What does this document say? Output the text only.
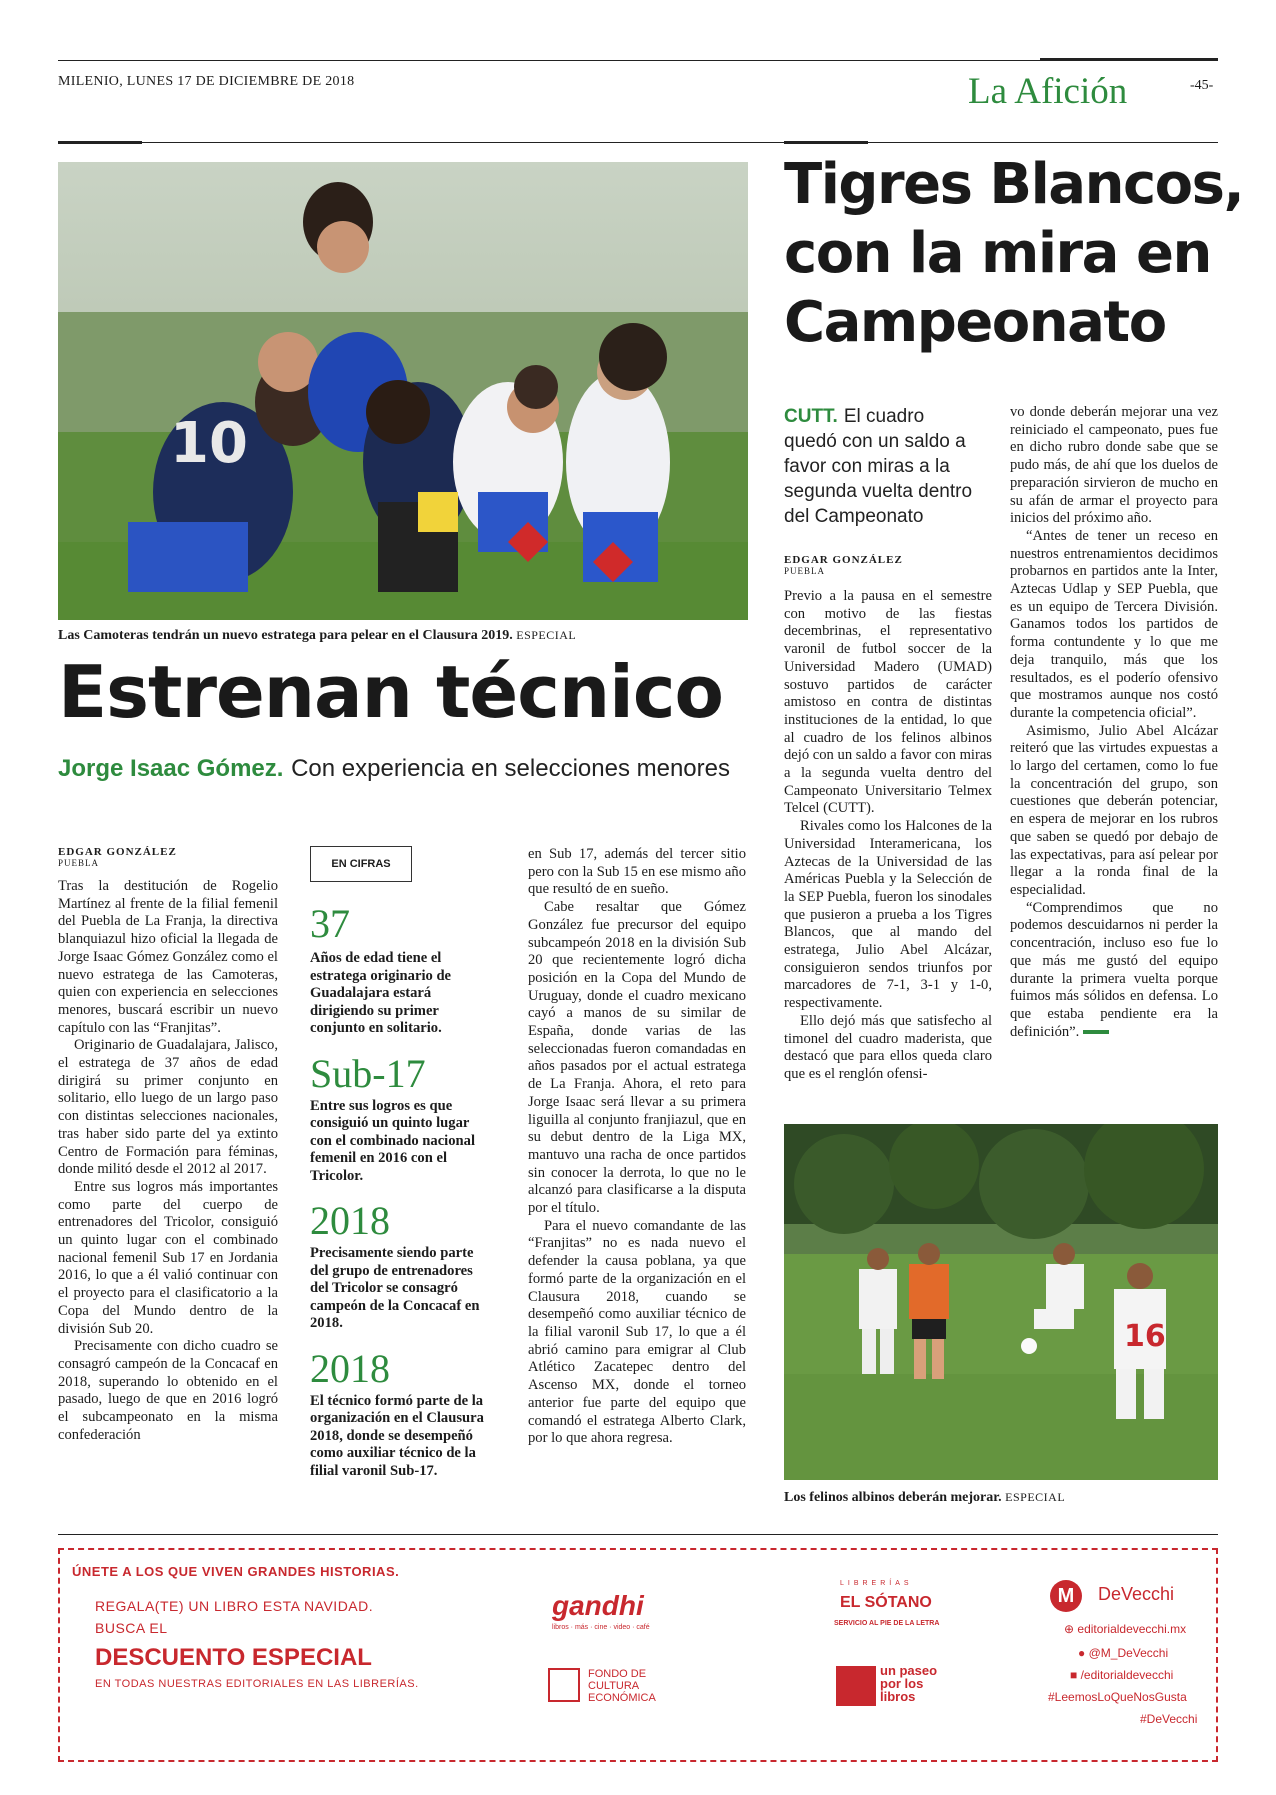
MILENIO, LUNES 17 DE DICIEMBRE DE 2018	La Afición	-45-
10
Las Camoteras tendrán un nuevo estratega para pelear en el Clausura 2019. ESPECIAL
Estrenan técnico
Jorge Isaac Gómez. Con experiencia en selecciones menores
EDGAR GONZÁLEZ
PUEBLA

Tras la destitución de Rogelio Martínez al frente de la filial femenil del Puebla de La Franja, la directiva blanquiazul hizo oficial la llegada de Jorge Isaac Gómez González como el nuevo estratega de las Camoteras, quien con experiencia en selecciones menores, buscará escribir un nuevo capítulo con las “Franjitas”.

Originario de Guadalajara, Jalisco, el estratega de 37 años de edad dirigirá su primer conjunto en solitario, ello luego de un largo paso con distintas selecciones nacionales, tras haber sido parte del ya extinto Centro de Formación para féminas, donde militó desde el 2012 al 2017.

Entre sus logros más importantes como parte del cuerpo de entrenadores del Tricolor, consiguió un quinto lugar con el combinado nacional femenil Sub 17 en Jordania 2016, lo que a él valió continuar con el proyecto para el clasificatorio a la Copa del Mundo dentro de la división Sub 20.

Precisamente con dicho cuadro se consagró campeón de la Concacaf en 2018, superando lo obtenido en el pasado, luego de que en 2016 logró el subcampeonato en la misma confederación

EN CIFRAS
37
Años de edad tiene el estratega originario de Guadalajara estará dirigiendo su primer conjunto en solitario.
Sub-17
Entre sus logros es que consiguió un quinto lugar con el combinado nacional femenil en 2016 con el Tricolor.
2018
Precisamente siendo parte del grupo de entrenadores del Tricolor se consagró campeón de la Concacaf en 2018.
2018
El técnico formó parte de la organización en el Clausura 2018, donde se desempeñó como auxiliar técnico de la filial varonil Sub-17.

en Sub 17, además del tercer sitio pero con la Sub 15 en ese mismo año que resultó de en sueño.

Cabe resaltar que Gómez González fue precursor del equipo subcampeón 2018 en la división Sub 20 que recientemente logró dicha posición en la Copa del Mundo de Uruguay, donde el cuadro mexicano cayó a manos de su similar de España, donde varias de las seleccionadas fueron comandadas en años pasados por el actual estratega de La Franja. Ahora, el reto para Jorge Isaac será llevar a su primera liguilla al conjunto franjiazul, que en su debut dentro de la Liga MX, mantuvo una racha de once partidos sin conocer la derrota, lo que no le alcanzó para clasificarse a la disputa por el título.

Para el nuevo comandante de las “Franjitas” no es nada nuevo el defender la causa poblana, ya que formó parte de la organización en el Clausura 2018, cuando se desempeñó como auxiliar técnico de la filial varonil Sub 17, lo que a él abrió camino para emigrar al Club Atlético Zacatepec dentro del Ascenso MX, donde el torneo anterior fue parte del equipo que comandó el estratega Alberto Clark, por lo que ahora regresa.

Tigres Blancos,
con la mira en
Campeonato
CUTT. El cuadro quedó con un saldo a favor con miras a la segunda vuelta dentro del Campeonato
EDGAR GONZÁLEZ
PUEBLA

Previo a la pausa en el semestre con motivo de las fiestas decembrinas, el representativo varonil de futbol soccer de la Universidad Madero (UMAD) sostuvo partidos de carácter amistoso en contra de distintas instituciones de la entidad, lo que al cuadro de los felinos albinos dejó con un saldo a favor con miras a la segunda vuelta dentro del Campeonato Universitario Telmex Telcel (CUTT).

Rivales como los Halcones de la Universidad Interamericana, los Aztecas de la Universidad de las Américas Puebla y la Selección de la SEP Puebla, fueron los sinodales que pusieron a prueba a los Tigres Blancos, que al mando del estratega, Julio Abel Alcázar, consiguieron sendos triunfos por marcadores de 7-1, 3-1 y 1-0, respectivamente.

Ello dejó más que satisfecho al timonel del cuadro maderista, que destacó que para ellos queda claro que es el renglón ofensi-

vo donde deberán mejorar una vez reiniciado el campeonato, pues fue en dicho rubro donde sabe que se pudo más, de ahí que los duelos de preparación sirvieron de mucho en su afán de armar el proyecto para inicios del próximo año.

“Antes de tener un receso en nuestros entrenamientos decidimos probarnos en partidos ante la Inter, Aztecas Udlap y SEP Puebla, que es un equipo de Tercera División. Ganamos todos los partidos de forma contundente y lo que me deja tranquilo, más que los resultados, es el poderío ofensivo que mostramos aunque nos costó durante la competencia oficial”.

Asimismo, Julio Abel Alcázar reiteró que las virtudes expuestas a lo largo del certamen, como lo fue la concentración del grupo, son cuestiones que deberán potenciar, en espera de mejorar en los rubros que saben se quedó por debajo de las expectativas, para así pelear por llegar a la ronda final de la especialidad.

“Comprendimos que no podemos descuidarnos ni perder la concentración, incluso eso fue lo que más me gustó del equipo durante la primera vuelta porque fuimos más sólidos en defensa. Lo que estaba pendiente era la definición”.

16
Los felinos albinos deberán mejorar. ESPECIAL
ÚNETE A LOS QUE VIVEN GRANDES HISTORIAS.
REGALA(TE) UN LIBRO ESTA NAVIDAD.
BUSCA EL
DESCUENTO ESPECIAL
EN TODAS NUESTRAS EDITORIALES EN LAS LIBRERÍAS.
gandhi
libros · más · cine · video · café
FONDO DE CULTURA ECONÓMICA
LIBRERÍAS
EL SÓTANO
SERVICIO AL PIE DE LA LETRA
un paseo por los libros
M	DeVecchi
⊕ editorialdevecchi.mx
● @M_DeVecchi
■ /editorialdevecchi
#LeemosLoQueNosGusta
#DeVecchi
